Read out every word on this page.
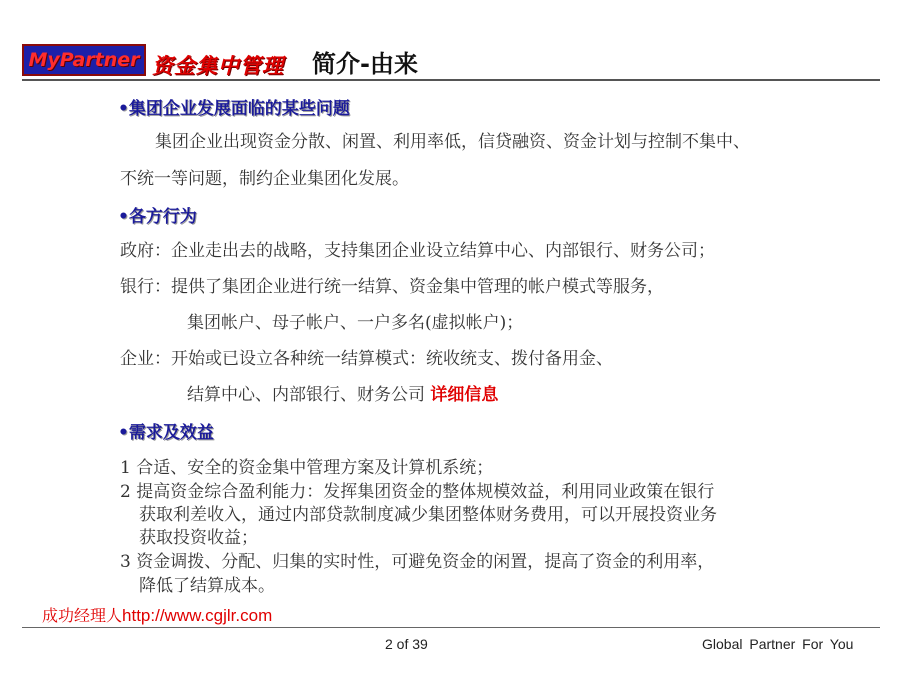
MyPartner 资金集中管理 简介-由来
•集团企业发展面临的某些问题
集团企业出现资金分散、闲置、利用率低，信贷融资、资金计划与控制不集中、
不统一等问题，制约企业集团化发展。
•各方行为
政府：企业走出去的战略，支持集团企业设立结算中心、内部银行、财务公司；
银行：提供了集团企业进行统一结算、资金集中管理的帐户模式等服务，
集团帐户、母子帐户、一户多名(虚拟帐户)；
企业：开始或已设立各种统一结算模式：统收统支、拨付备用金、
结算中心、内部银行、财务公司 详细信息
•需求及效益
1 合适、安全的资金集中管理方案及计算机系统；
2 提高资金综合盈利能力：发挥集团资金的整体规模效益，利用同业政策在银行
获取利差收入，通过内部贷款制度减少集团整体财务费用，可以开展投资业务
获取投资收益；
3 资金调拨、分配、归集的实时性，可避免资金的闲置，提高了资金的利用率，
降低了结算成本。
成功经理人http://www.cgjlr.com
2 of 39	Global Partner For You
